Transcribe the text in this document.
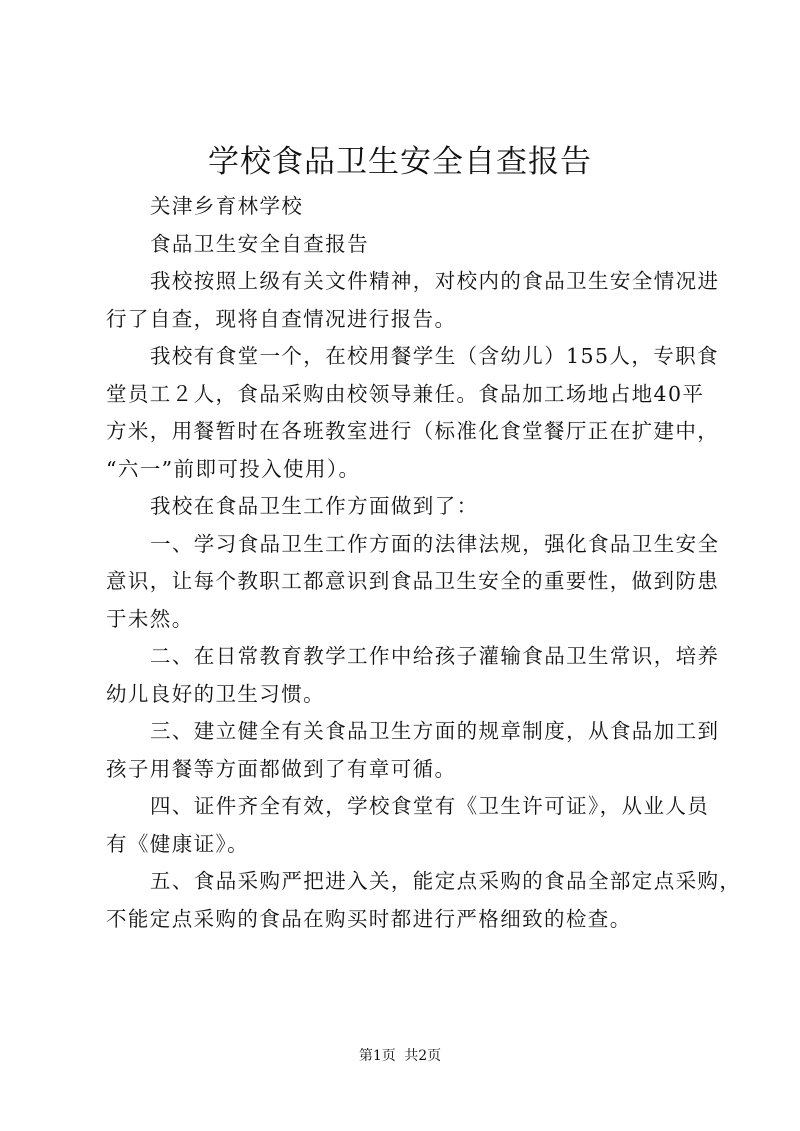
学校食品卫生安全自查报告
关津乡育林学校
食品卫生安全自查报告
我校按照上级有关文件精神，对校内的食品卫生安全情况进
行了自查，现将自查情况进行报告。
我校有食堂一个，在校用餐学生（含幼儿）155人，专职食
堂员工２人，食品采购由校领导兼任。食品加工场地占地40平
方米，用餐暂时在各班教室进行（标准化食堂餐厅正在扩建中，
“六一”前即可投入使用）。
我校在食品卫生工作方面做到了：
一、学习食品卫生工作方面的法律法规，强化食品卫生安全
意识，让每个教职工都意识到食品卫生安全的重要性，做到防患
于未然。
二、在日常教育教学工作中给孩子灌输食品卫生常识，培养
幼儿良好的卫生习惯。
三、建立健全有关食品卫生方面的规章制度，从食品加工到
孩子用餐等方面都做到了有章可循。
四、证件齐全有效，学校食堂有《卫生许可证》，从业人员
有《健康证》。
五、食品采购严把进入关，能定点采购的食品全部定点采购，
不能定点采购的食品在购买时都进行严格细致的检查。
第1页 共2页
